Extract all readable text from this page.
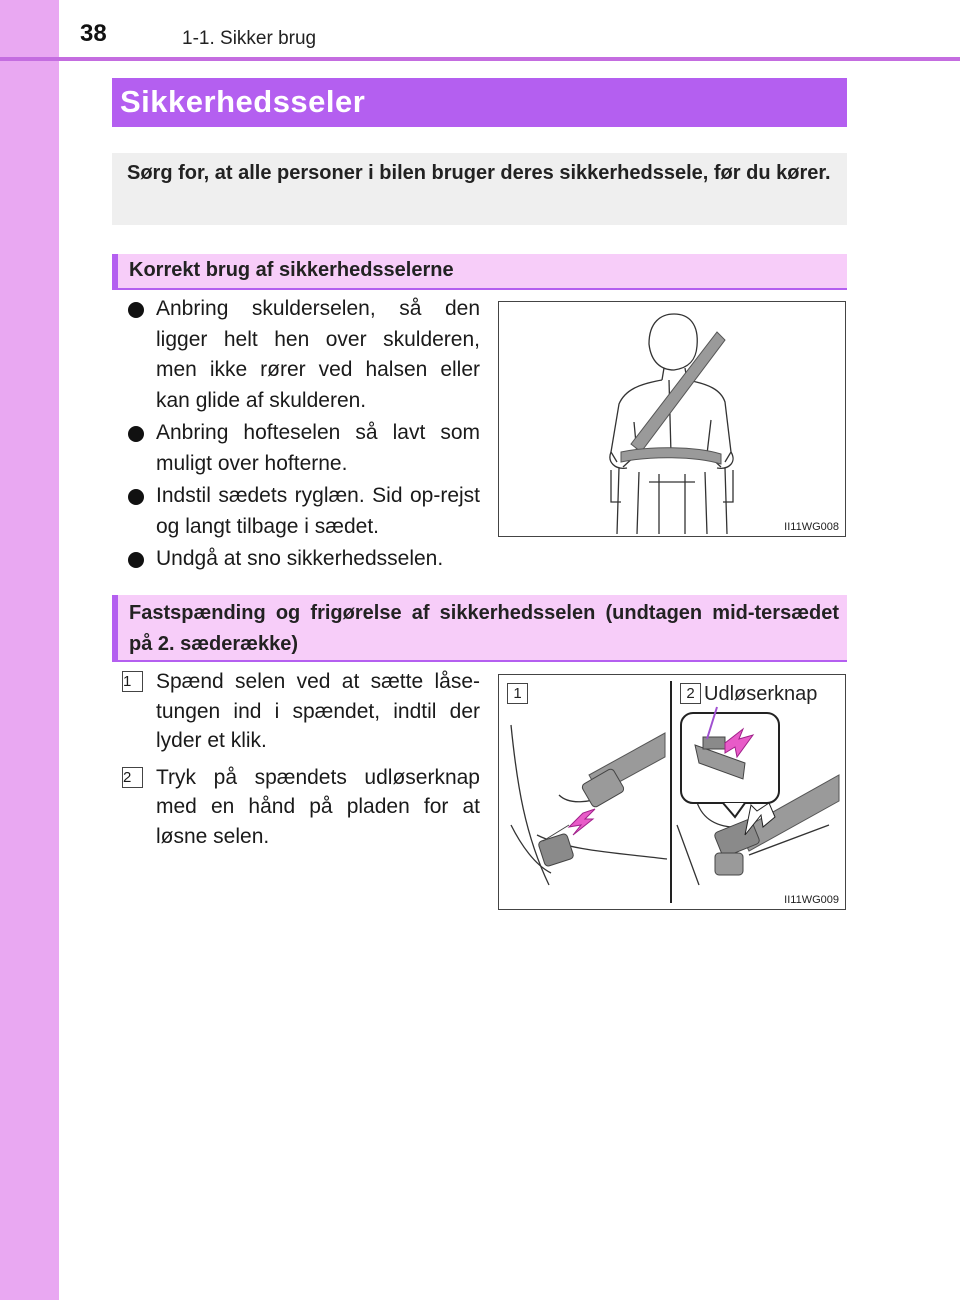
38	1-1. Sikker brug
Sikkerhedsseler
Sørg for, at alle personer i bilen bruger deres sikkerhedssele, før du kører.
Korrekt brug af sikkerhedsselerne
Anbring skulderselen, så den ligger helt hen over skulderen, men ikke rører ved halsen eller kan glide af skulderen.
Anbring hofteselen så lavt som muligt over hofterne.
Indstil sædets ryglæn. Sid op-rejst og langt tilbage i sædet.
Undgå at sno sikkerhedsselen.
II11WG008
Fastspænding og frigørelse af sikkerhedsselen (undtagen mid-tersædet på 2. sæderække)
1	Spænd selen ved at sætte låse-tungen ind i spændet, indtil der lyder et klik.
2	Tryk på spændets udløserknap med en hånd på pladen for at løsne selen.
1	2 Udløserknap
II11WG009
